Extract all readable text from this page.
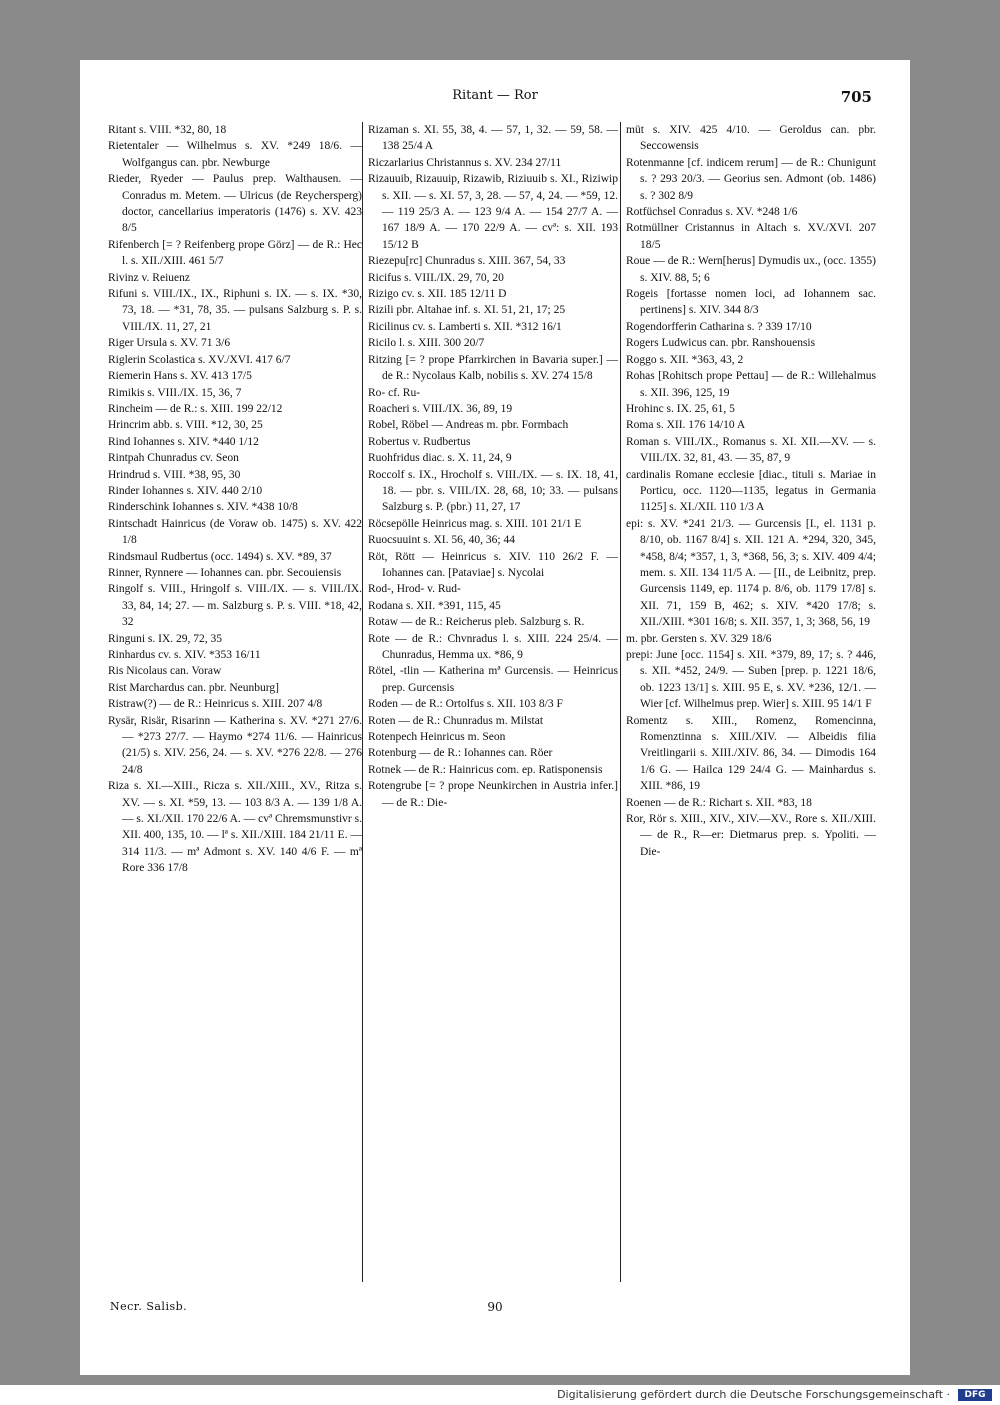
Ritant — Ror	705
Ritant s. VIII. *32, 80, 18
Rietentaler — Wilhelmus s. XV. *249 18/6. — Wolfgangus can. pbr. Newburge
Rieder, Ryeder — Paulus prep. Walthausen. — Conradus m. Metem. — Ulricus (de Reychersperg) doctor, cancellarius imperatoris (1476) s. XV. 423 8/5
Rifenberch [= ? Reifenberg prope Görz] — de R.: Hec l. s. XII./XIII. 461 5/7
Rivinz v. Reiuenz
Rifuni s. VIII./IX., IX., Riphuni s. IX. — s. IX. *30, 73, 18. — *31, 78, 35. — pulsans Salzburg s. P. s. VIII./IX. 11, 27, 21
Riger Ursula s. XV. 71 3/6
Riglerin Scolastica s. XV./XVI. 417 6/7
Riemerin Hans s. XV. 413 17/5
Rimikis s. VIII./IX. 15, 36, 7
Rincheim — de R.: s. XIII. 199 22/12
Hrincrim abb. s. VIII. *12, 30, 25
Rind Iohannes s. XIV. *440 1/12
Rintpah Chunradus cv. Seon
Hrindrud s. VIII. *38, 95, 30
Rinder Iohannes s. XIV. 440 2/10
Rinderschink Iohannes s. XIV. *438 10/8
Rintschadt Hainricus (de Voraw ob. 1475) s. XV. 422 1/8
Rindsmaul Rudbertus (occ. 1494) s. XV. *89, 37
Rinner, Rynnere — Iohannes can. pbr. Secouiensis
Ringolf s. VIII., Hringolf s. VIII./IX. — s. VIII./IX. 33, 84, 14; 27. — m. Salzburg s. P. s. VIII. *18, 42, 32
Ringuni s. IX. 29, 72, 35
Rinhardus cv. s. XIV. *353 16/11
Ris Nicolaus can. Voraw
Rist Marchardus can. pbr. Neunburg]
Ristraw(?) — de R.: Heinricus s. XIII. 207 4/8
Rysär, Risär, Risarinn — Katherina s. XV. *271 27/6. — *273 27/7. — Haymo *274 11/6. — Hainricus (21/5) s. XIV. 256, 24. — s. XV. *276 22/8. — 276 24/8
Riza s. XI.—XIII., Ricza s. XII./XIII., XV., Ritza s. XV. — s. XI. *59, 13. — 103 8/3 A. — 139 1/8 A. — s. XI./XII. 170 22/6 A. — cvª Chremsmunstivr s. XII. 400, 135, 10. — lª s. XII./XIII. 184 21/11 E. — 314 11/3. — mª Admont s. XV. 140 4/6 F. — mª Rore 336 17/8
Rizaman s. XI. 55, 38, 4. — 57, 1, 32. — 59, 58. — 138 25/4 A
Riczarlarius Christannus s. XV. 234 27/11
Rizauuib, Rizauuip, Rizawib, Riziuuib s. XI., Riziwip s. XII. — s. XI. 57, 3, 28. — 57, 4, 24. — *59, 12. — 119 25/3 A. — 123 9/4 A. — 154 27/7 A. — 167 18/9 A. — 170 22/9 A. — cvª: s. XII. 193 15/12 B
Riezepu[rc] Chunradus s. XIII. 367, 54, 33
Ricifus s. VIII./IX. 29, 70, 20
Rizigo cv. s. XII. 185 12/11 D
Rizili pbr. Altahae inf. s. XI. 51, 21, 17; 25
Ricilinus cv. s. Lamberti s. XII. *312 16/1
Ricilo l. s. XIII. 300 20/7
Ritzing [= ? prope Pfarrkirchen in Bavaria super.] — de R.: Nycolaus Kalb, nobilis s. XV. 274 15/8
Ro- cf. Ru-
Roacheri s. VIII./IX. 36, 89, 19
Robel, Röbel — Andreas m. pbr. Formbach
Robertus v. Rudbertus
Ruohfridus diac. s. X. 11, 24, 9
Roccolf s. IX., Hrocholf s. VIII./IX. — s. IX. 18, 41, 18. — pbr. s. VIII./IX. 28, 68, 10; 33. — pulsans Salzburg s. P. (pbr.) 11, 27, 17
Röcsepölle Heinricus mag. s. XIII. 101 21/1 E
Ruocsuuint s. XI. 56, 40, 36; 44
Röt, Rött — Heinricus s. XIV. 110 26/2 F. — Iohannes can. [Pataviae] s. Nycolai
Rod-, Hrod- v. Rud-
Rodana s. XII. *391, 115, 45
Rotaw — de R.: Reicherus pleb. Salzburg s. R.
Rote — de R.: Chvnradus l. s. XIII. 224 25/4. — Chunradus, Hemma ux. *86, 9
Rötel, -tlin — Katherina mª Gurcensis. — Heinricus prep. Gurcensis
Roden — de R.: Ortolfus s. XII. 103 8/3 F
Roten — de R.: Chunradus m. Milstat
Rotenpech Heinricus m. Seon
Rotenburg — de R.: Iohannes can. Röer
Rotnek — de R.: Hainricus com. ep. Ratisponensis
Rotengrube [= ? prope Neunkirchen in Austria infer.] — de R.: Die-
müt s. XIV. 425 4/10. — Geroldus can. pbr. Seccowensis
Rotenmanne [cf. indicem rerum] — de R.: Chunigunt s. ? 293 20/3. — Georius sen. Admont (ob. 1486) s. ? 302 8/9
Rotfüchsel Conradus s. XV. *248 1/6
Rotmüllner Cristannus in Altach s. XV./XVI. 207 18/5
Roue — de R.: Wern[herus] Dymudis ux., (occ. 1355) s. XIV. 88, 5; 6
Rogeis [fortasse nomen loci, ad Iohannem sac. pertinens] s. XIV. 344 8/3
Rogendorfferin Catharina s. ? 339 17/10
Rogers Ludwicus can. pbr. Ranshouensis
Roggo s. XII. *363, 43, 2
Rohas [Rohitsch prope Pettau] — de R.: Willehalmus s. XII. 396, 125, 19
Hrohinc s. IX. 25, 61, 5
Roma s. XII. 176 14/10 A
Roman s. VIII./IX., Romanus s. XI. XII.—XV. — s. VIII./IX. 32, 81, 43. — 35, 87, 9
cardinalis Romane ecclesie [diac., tituli s. Mariae in Porticu, occ. 1120—1135, legatus in Germania 1125] s. XI./XII. 110 1/3 A
epi: s. XV. *241 21/3. — Gurcensis [I., el. 1131 p. 8/10, ob. 1167 8/4] s. XII. 121 A. *294, 320, 345, *458, 8/4; *357, 1, 3, *368, 56, 3; s. XIV. 409 4/4; mem. s. XII. 134 11/5 A. — [II., de Leibnitz, prep. Gurcensis 1149, ep. 1174 p. 8/6, ob. 1179 17/8] s. XII. 71, 159 B, 462; s. XIV. *420 17/8; s. XII./XIII. *301 16/8; s. XII. 357, 1, 3; 368, 56, 19
m. pbr. Gersten s. XV. 329 18/6
prepi: June [occ. 1154] s. XII. *379, 89, 17; s. ? 446, s. XII. *452, 24/9. — Suben [prep. p. 1221 18/6, ob. 1223 13/1] s. XIII. 95 E, s. XV. *236, 12/1. — Wier [cf. Wilhelmus prep. Wier] s. XIII. 95 14/1 F
Romentz s. XIII., Romenz, Romencinna, Romenztinna s. XIII./XIV. — Albeidis filia Vreitlingarii s. XIII./XIV. 86, 34. — Dimodis 164 1/6 G. — Hailca 129 24/4 G. — Mainhardus s. XIII. *86, 19
Roenen — de R.: Richart s. XII. *83, 18
Ror, Rör s. XIII., XIV., XIV.—XV., Rore s. XII./XIII. — de R., R—er: Dietmarus prep. s. Ypoliti. — Die-
Necr. Salisb.	90
Digitalisierung gefördert durch die Deutsche Forschungsgemeinschaft ·	DFG
